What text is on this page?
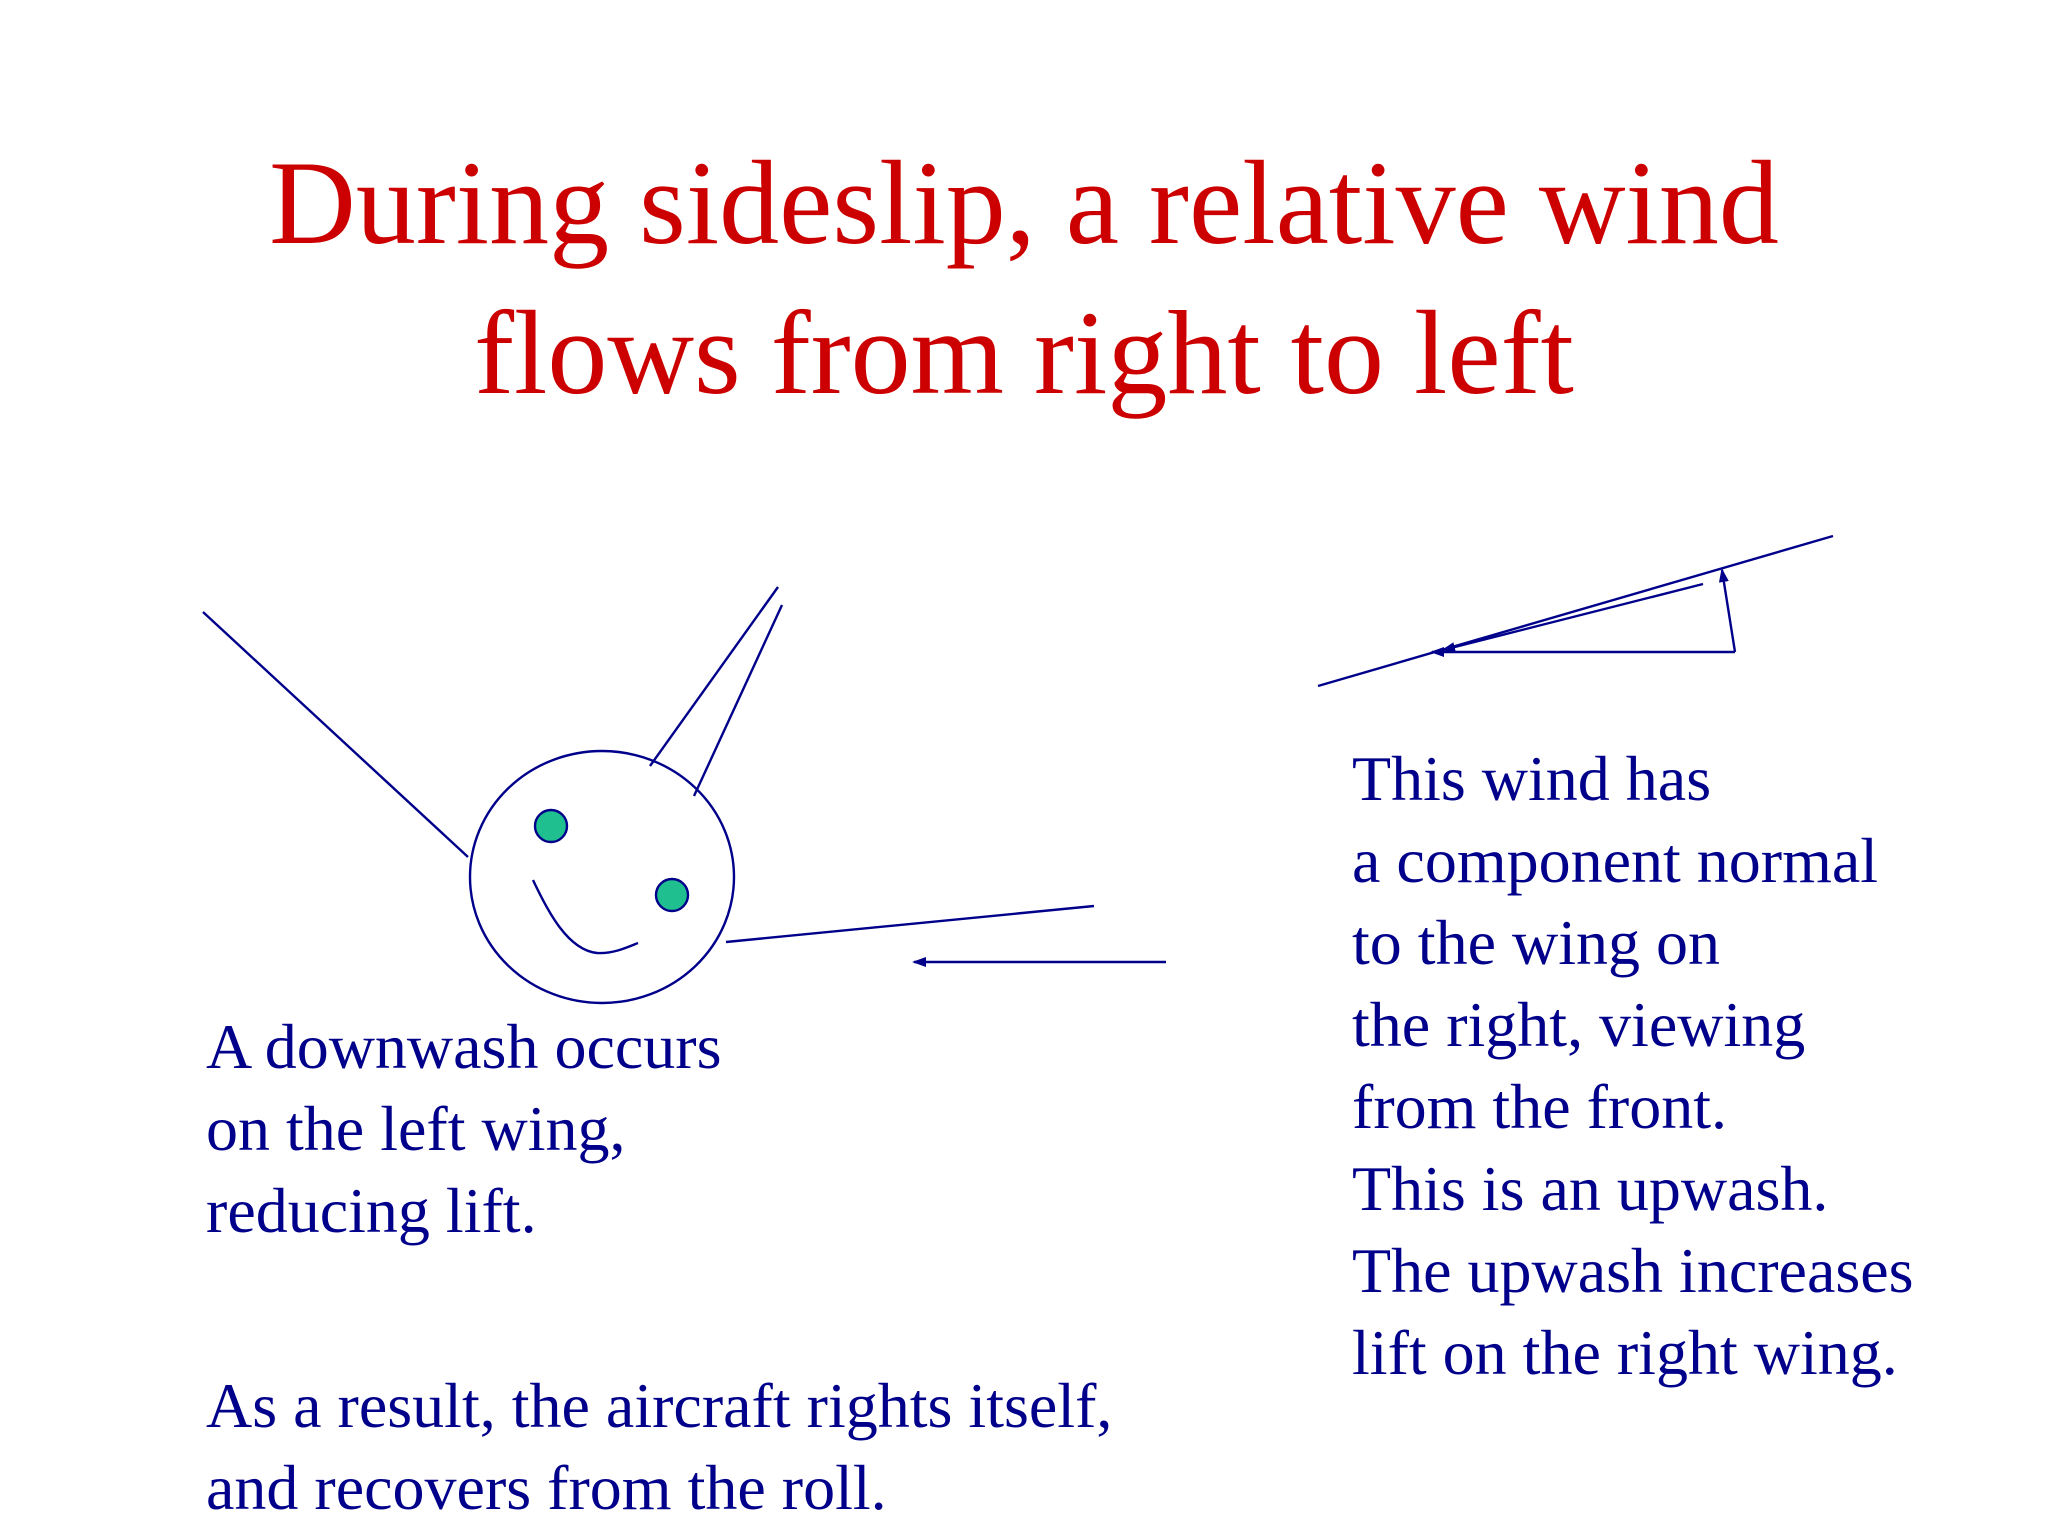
During sideslip, a relative wind
flows from right to left
A downwash occurs
on the left wing,
reducing lift.
As a result, the aircraft rights itself,
and recovers from the roll.
This wind has
a component normal
to the wing on
the right, viewing
from the front.
This is an upwash.
The upwash increases
lift on the right wing.
